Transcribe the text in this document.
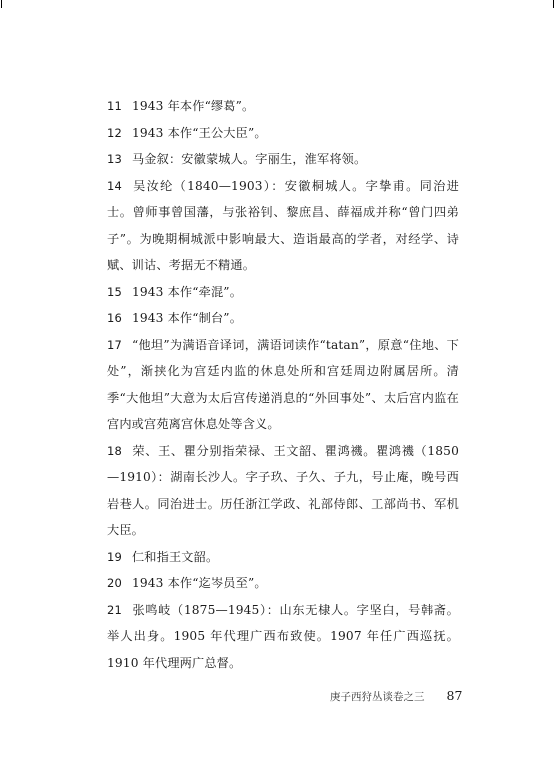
11 1943 年本作“缪葛”。

12 1943 本作“王公大臣”。

13 马金叙：安徽蒙城人。字丽生，淮军将领。

14 吴汝纶（1840—1903）：安徽桐城人。字挚甫。同治进士。曾师事曾国藩，与张裕钊、黎庶昌、薛福成并称“曾门四弟子”。为晚期桐城派中影响最大、造诣最高的学者，对经学、诗赋、训诂、考据无不精通。

15 1943 本作“牵混”。

16 1943 本作“制台”。

17 “他坦”为满语音译词，满语词读作“tatan”，原意“住地、下处”，渐挟化为宫廷内监的休息处所和宫廷周边附属居所。清季“大他坦”大意为太后宫传递消息的“外回事处”、太后宫内监在宫内或宫苑离宫休息处等含义。

18 荣、王、瞿分别指荣禄、王文韶、瞿鸿禨。瞿鸿禨（1850—1910）：湖南长沙人。字子玖、子久、子九，号止庵，晚号西岩巷人。同治进士。历任浙江学政、礼部侍郎、工部尚书、军机大臣。

19 仁和指王文韶。

20 1943 本作“迄岑员至”。

21 张鸣岐（1875—1945）：山东无棣人。字坚白，号韩斋。举人出身。1905 年代理广西布致使。1907 年任广西巡抚。1910 年代理两广总督。

庚子西狩丛谈卷之三 87
